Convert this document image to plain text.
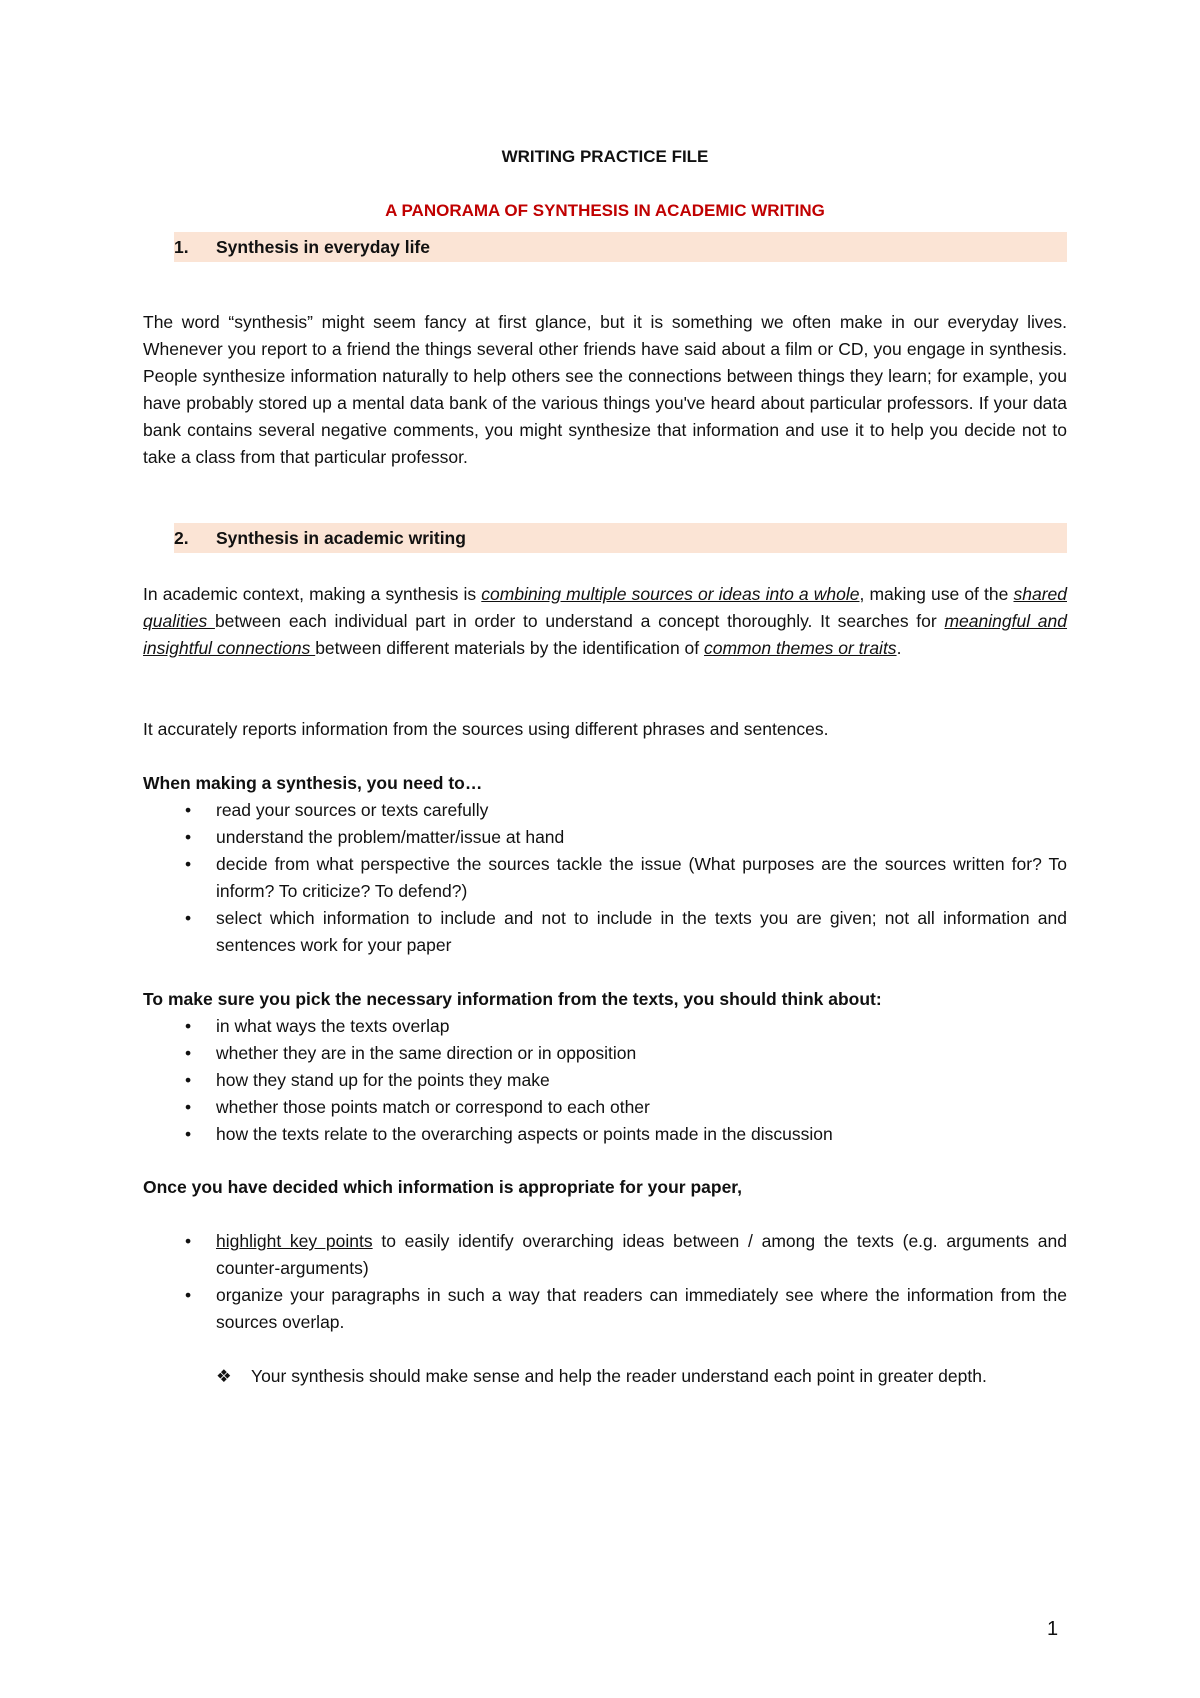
WRITING PRACTICE FILE
A PANORAMA OF SYNTHESIS IN ACADEMIC WRITING
1. Synthesis in everyday life
The word “synthesis” might seem fancy at first glance, but it is something we often make in our everyday lives. Whenever you report to a friend the things several other friends have said about a film or CD, you engage in synthesis. People synthesize information naturally to help others see the connections between things they learn; for example, you have probably stored up a mental data bank of the various things you've heard about particular professors. If your data bank contains several negative comments, you might synthesize that information and use it to help you decide not to take a class from that particular professor.
2. Synthesis in academic writing
In academic context, making a synthesis is combining multiple sources or ideas into a whole, making use of the shared qualities between each individual part in order to understand a concept thoroughly. It searches for meaningful and insightful connections between different materials by the identification of common themes or traits.
It accurately reports information from the sources using different phrases and sentences.

When making a synthesis, you need to…

• read your sources or texts carefully
• understand the problem/matter/issue at hand
• decide from what perspective the sources tackle the issue (What purposes are the sources written for? To inform? To criticize? To defend?)
• select which information to include and not to include in the texts you are given; not all information and sentences work for your paper

To make sure you pick the necessary information from the texts, you should think about:

• in what ways the texts overlap
• whether they are in the same direction or in opposition
• how they stand up for the points they make
• whether those points match or correspond to each other
• how the texts relate to the overarching aspects or points made in the discussion
Once you have decided which information is appropriate for your paper,
• highlight key points to easily identify overarching ideas between / among the texts (e.g. arguments and counter-arguments)
• organize your paragraphs in such a way that readers can immediately see where the information from the sources overlap.
❖	Your synthesis should make sense and help the reader understand each point in greater depth.
1
